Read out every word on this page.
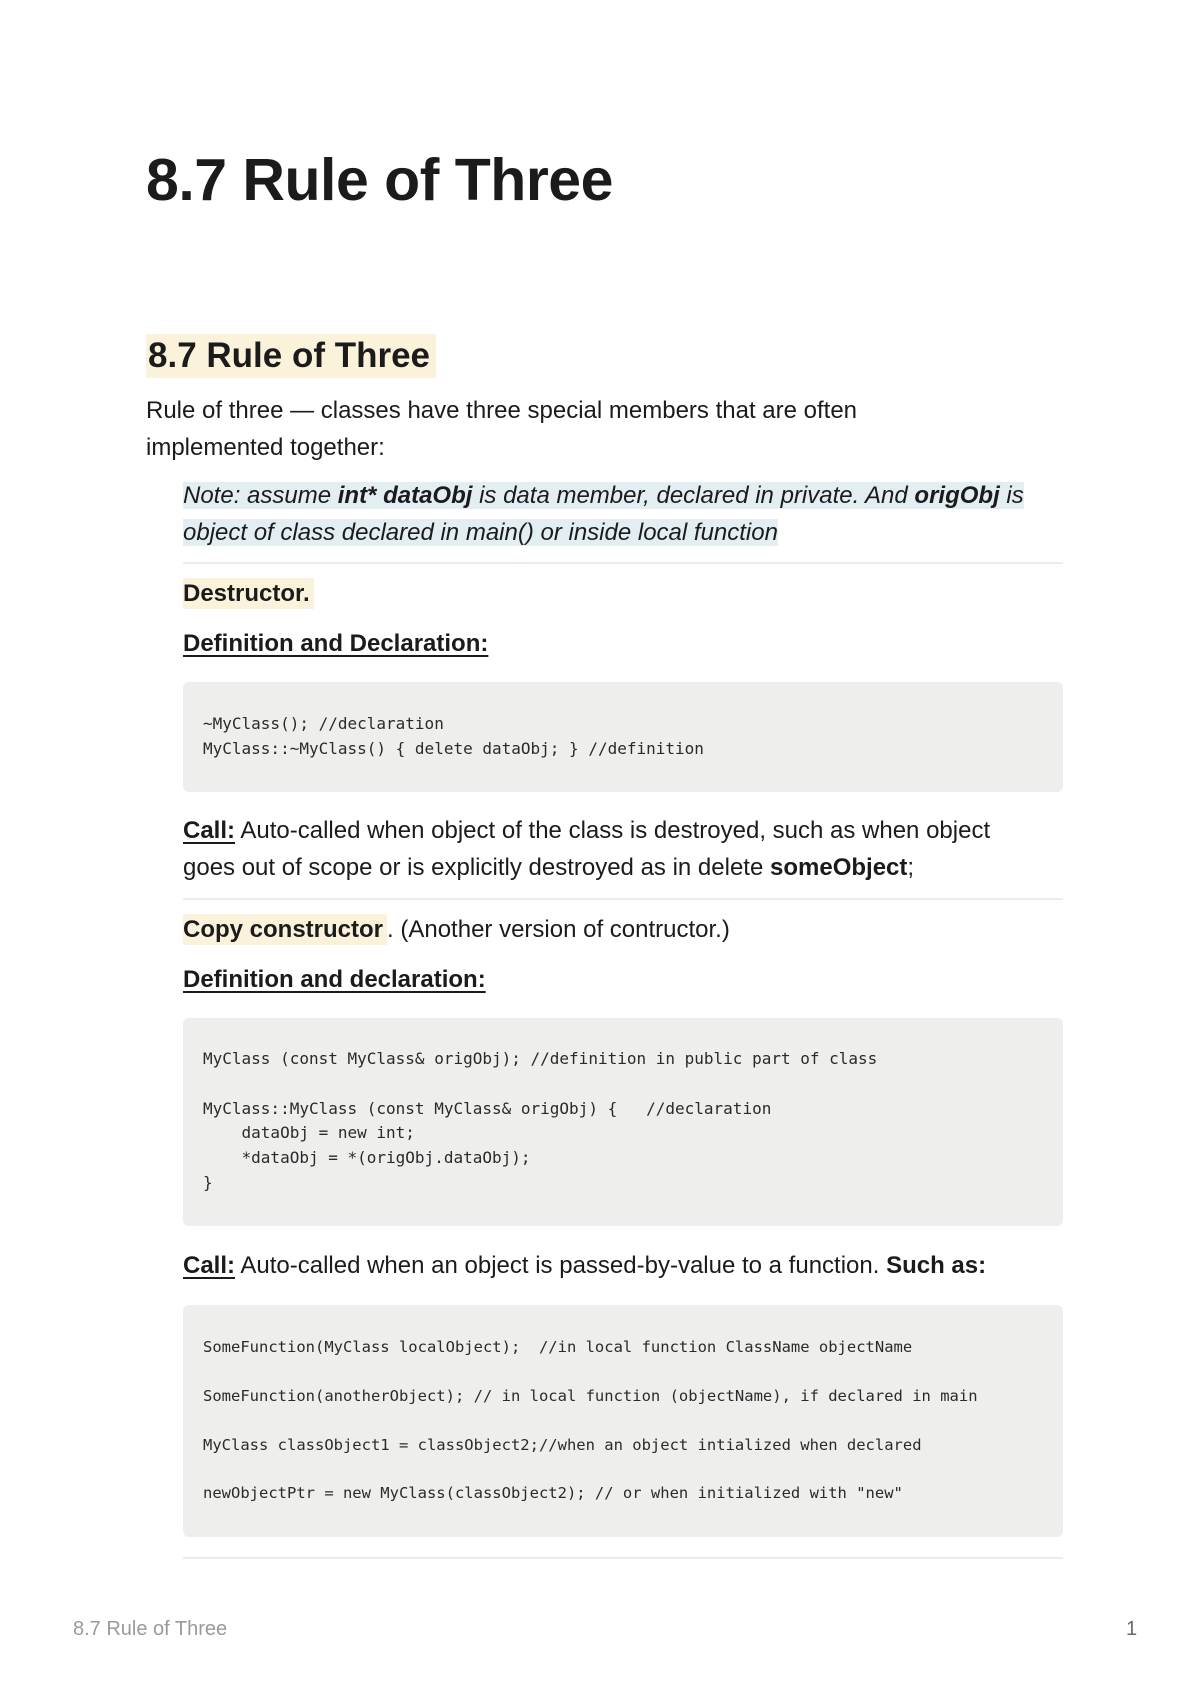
8.7 Rule of Three
8.7 Rule of Three

Rule of three — classes have three special members that are often implemented together:

Note: assume int* dataObj is data member, declared in private. And origObj is object of class declared in main() or inside local function

Destructor.

Definition and Declaration:

~MyClass(); //declaration
MyClass::~MyClass() { delete dataObj; } //definition

Call: Auto-called when object of the class is destroyed, such as when object goes out of scope or is explicitly destroyed as in delete someObject;

Copy constructor . (Another version of contructor.)

Definition and declaration:

MyClass (const MyClass& origObj); //definition in public part of class
MyClass::MyClass (const MyClass& origObj) {   //declaration
dataObj = new int;
*dataObj = *(origObj.dataObj);
}

Call: Auto-called when an object is passed-by-value to a function. Such as:

SomeFunction(MyClass localObject);  //in local function ClassName objectName
SomeFunction(anotherObject); // in local function (objectName), if declared in main
MyClass classObject1 = classObject2;//when an object intialized when declared
newObjectPtr = new MyClass(classObject2); // or when initialized with "new"
8.7 Rule of Three	1
